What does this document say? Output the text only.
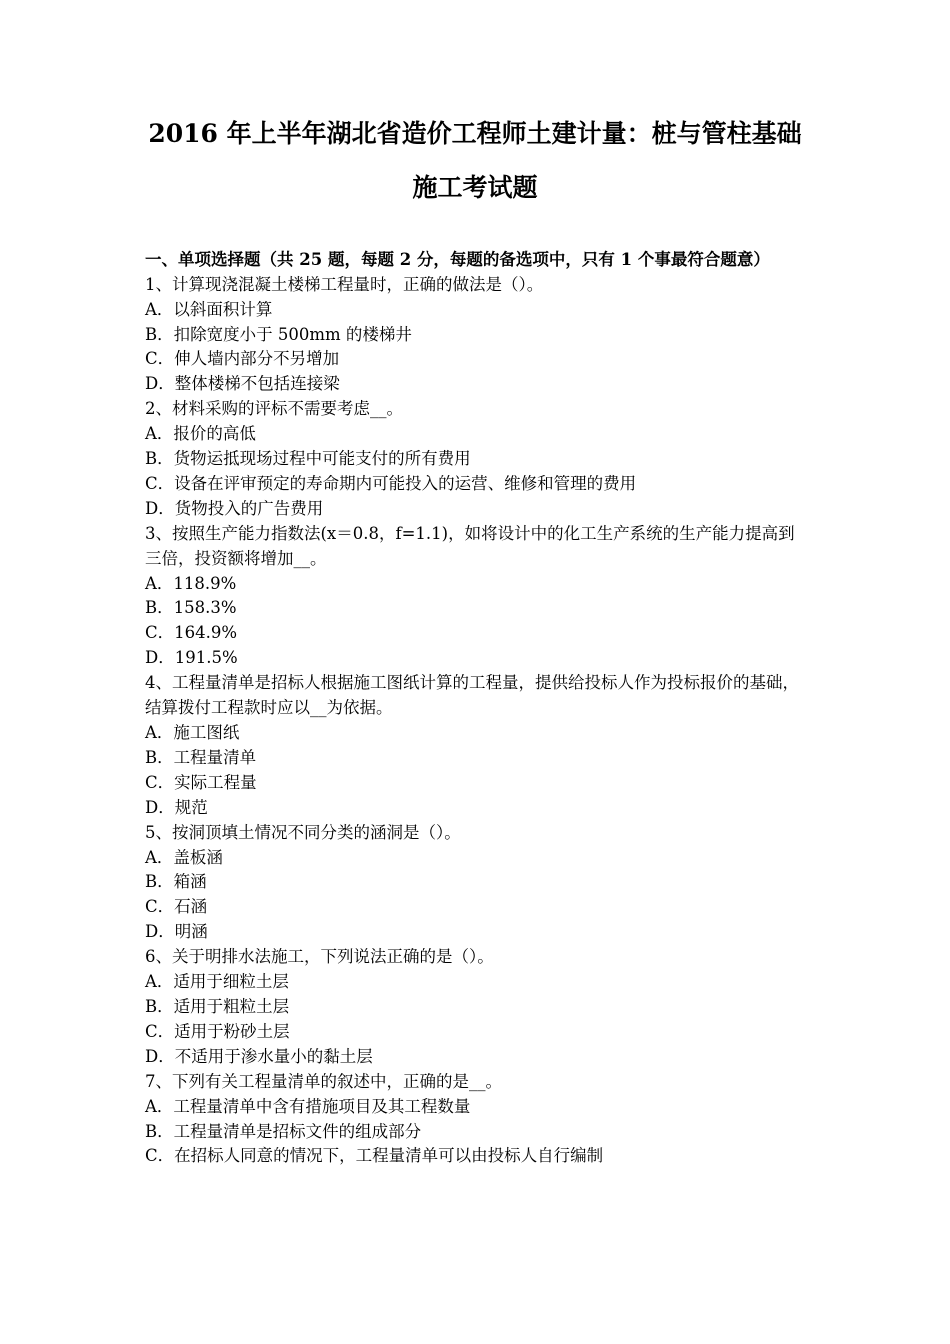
2016 年上半年湖北省造价工程师土建计量：桩与管柱基础
施工考试题

一、单项选择题（共 25 题，每题 2 分，每题的备选项中，只有 1 个事最符合题意）

1、计算现浇混凝土楼梯工程量时，正确的做法是（）。

A．以斜面积计算

B．扣除宽度小于 500mm 的楼梯井

C．伸人墙内部分不另增加

D．整体楼梯不包括连接梁

2、材料采购的评标不需要考虑__。

A．报价的高低

B．货物运抵现场过程中可能支付的所有费用

C．设备在评审预定的寿命期内可能投入的运营、维修和管理的费用

D．货物投入的广告费用

3、按照生产能力指数法(x＝0.8，f=1.1)，如将设计中的化工生产系统的生产能力提高到三倍，投资额将增加__。

A．118.9%

B．158.3%

C．164.9%

D．191.5%

4、工程量清单是招标人根据施工图纸计算的工程量，提供给投标人作为投标报价的基础，结算拨付工程款时应以__为依据。

A．施工图纸

B．工程量清单

C．实际工程量

D．规范

5、按洞顶填土情况不同分类的涵洞是（）。

A．盖板涵

B．箱涵

C．石涵

D．明涵

6、关于明排水法施工，下列说法正确的是（）。

A．适用于细粒土层

B．适用于粗粒土层

C．适用于粉砂土层

D．不适用于渗水量小的黏土层

7、下列有关工程量清单的叙述中，正确的是__。

A．工程量清单中含有措施项目及其工程数量

B．工程量清单是招标文件的组成部分

C．在招标人同意的情况下，工程量清单可以由投标人自行编制
